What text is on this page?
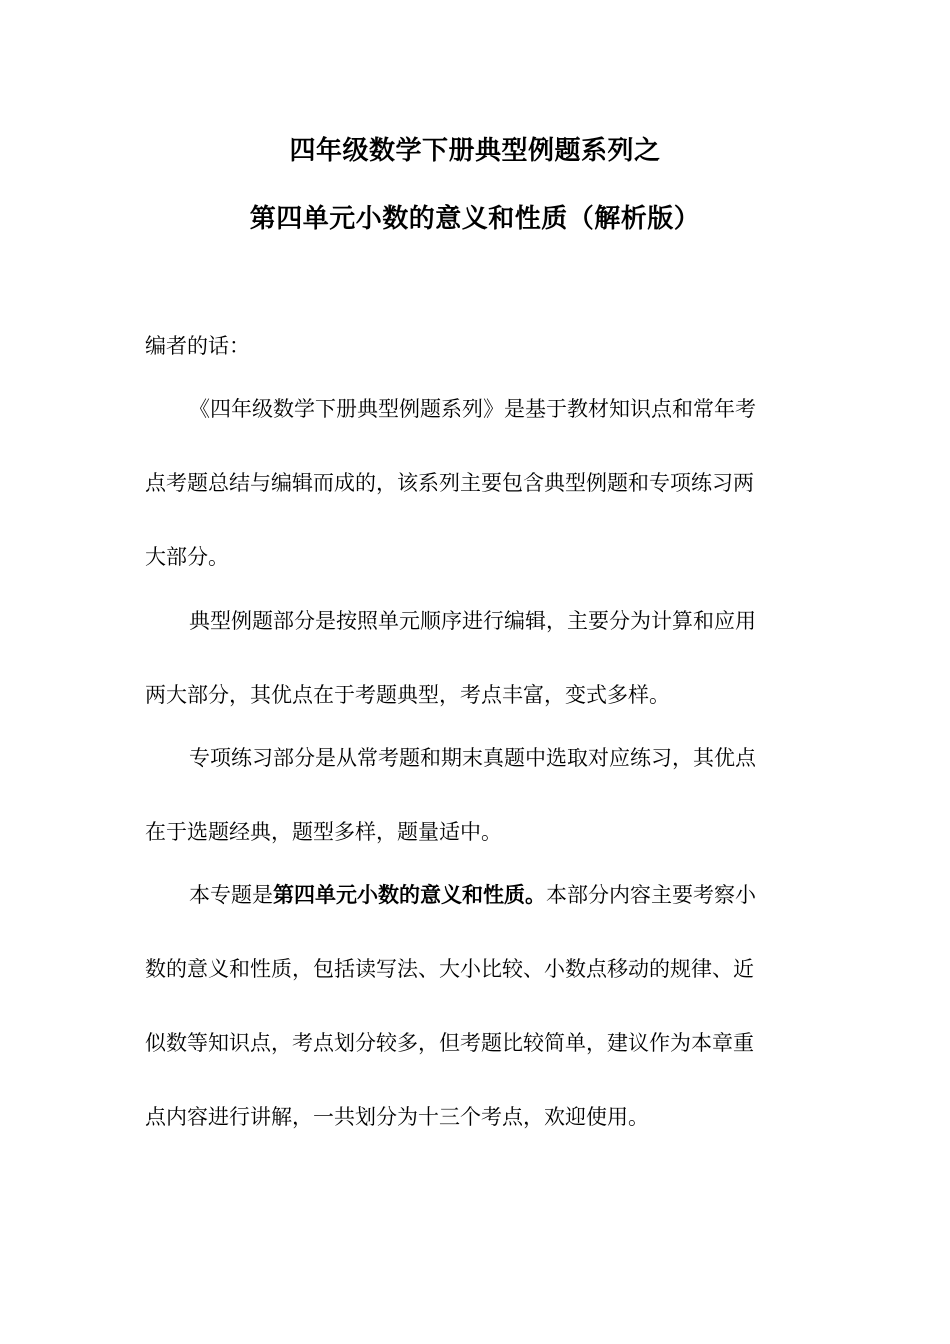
四年级数学下册典型例题系列之
第四单元小数的意义和性质（解析版）
编者的话：
《四年级数学下册典型例题系列》是基于教材知识点和常年考
点考题总结与编辑而成的，该系列主要包含典型例题和专项练习两
大部分。
典型例题部分是按照单元顺序进行编辑，主要分为计算和应用
两大部分，其优点在于考题典型，考点丰富，变式多样。
专项练习部分是从常考题和期末真题中选取对应练习，其优点
在于选题经典，题型多样，题量适中。
本专题是第四单元小数的意义和性质。本部分内容主要考察小
数的意义和性质，包括读写法、大小比较、小数点移动的规律、近
似数等知识点，考点划分较多，但考题比较简单，建议作为本章重
点内容进行讲解，一共划分为十三个考点，欢迎使用。
